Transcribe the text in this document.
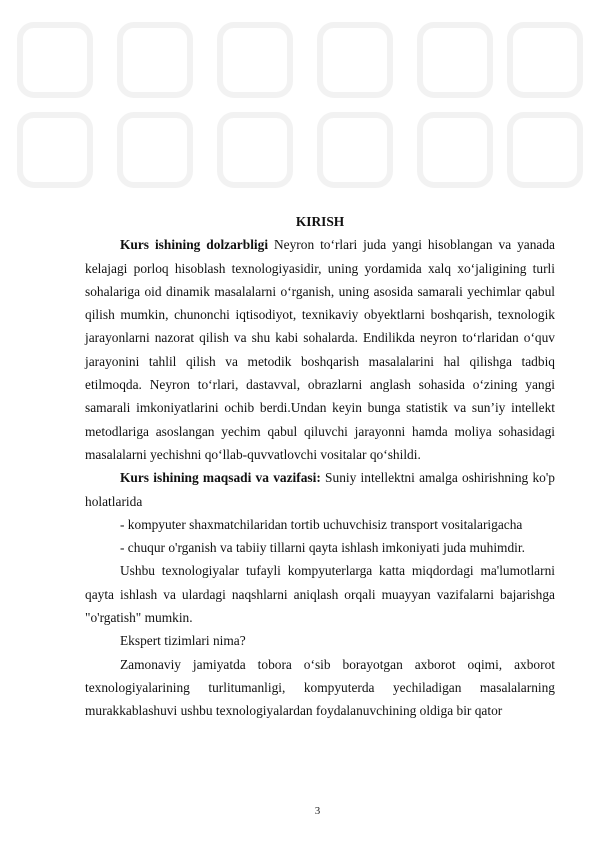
KIRISH

Kurs ishining dolzarbligi Neyron to‘rlari juda yangi hisoblangan va yanada kelajagi porloq hisoblash texnologiyasidir, uning yordamida xalq xo‘jaligining turli sohalariga oid dinamik masalalarni o‘rganish, uning asosida samarali yechimlar qabul qilish mumkin, chunonchi iqtisodiyot, texnikaviy obyektlarni boshqarish, texnologik jarayonlarni nazorat qilish va shu kabi sohalarda. Endilikda neyron to‘rlaridan o‘quv jarayonini tahlil qilish va metodik boshqarish masalalarini hal qilishga tadbiq etilmoqda. Neyron to‘rlari, dastavval, obrazlarni anglash sohasida o‘zining yangi samarali imkoniyatlarini ochib berdi.Undan keyin bunga statistik va sun’iy intellekt metodlariga asoslangan yechim qabul qiluvchi jarayonni hamda moliya sohasidagi masalalarni yechishni qo‘llab-quvvatlovchi vositalar qo‘shildi.

Kurs ishining maqsadi va vazifasi: Suniy intellektni amalga oshirishning ko'p holatlarida

- kompyuter shaxmatchilaridan tortib uchuvchisiz transport vositalarigacha

- chuqur o'rganish va tabiiy tillarni qayta ishlash imkoniyati juda muhimdir.

Ushbu texnologiyalar tufayli kompyuterlarga katta miqdordagi ma'lumotlarni qayta ishlash va ulardagi naqshlarni aniqlash orqali muayyan vazifalarni bajarishga "o'rgatish" mumkin.

Ekspert tizimlari nima?

Zamonaviy jamiyatda tobora o‘sib borayotgan axborot oqimi, axborot texnologiyalarining turlitumanligi, kompyuterda yechiladigan masalalarning murakkablashuvi ushbu texnologiyalardan foydalanuvchining oldiga bir qator

3
